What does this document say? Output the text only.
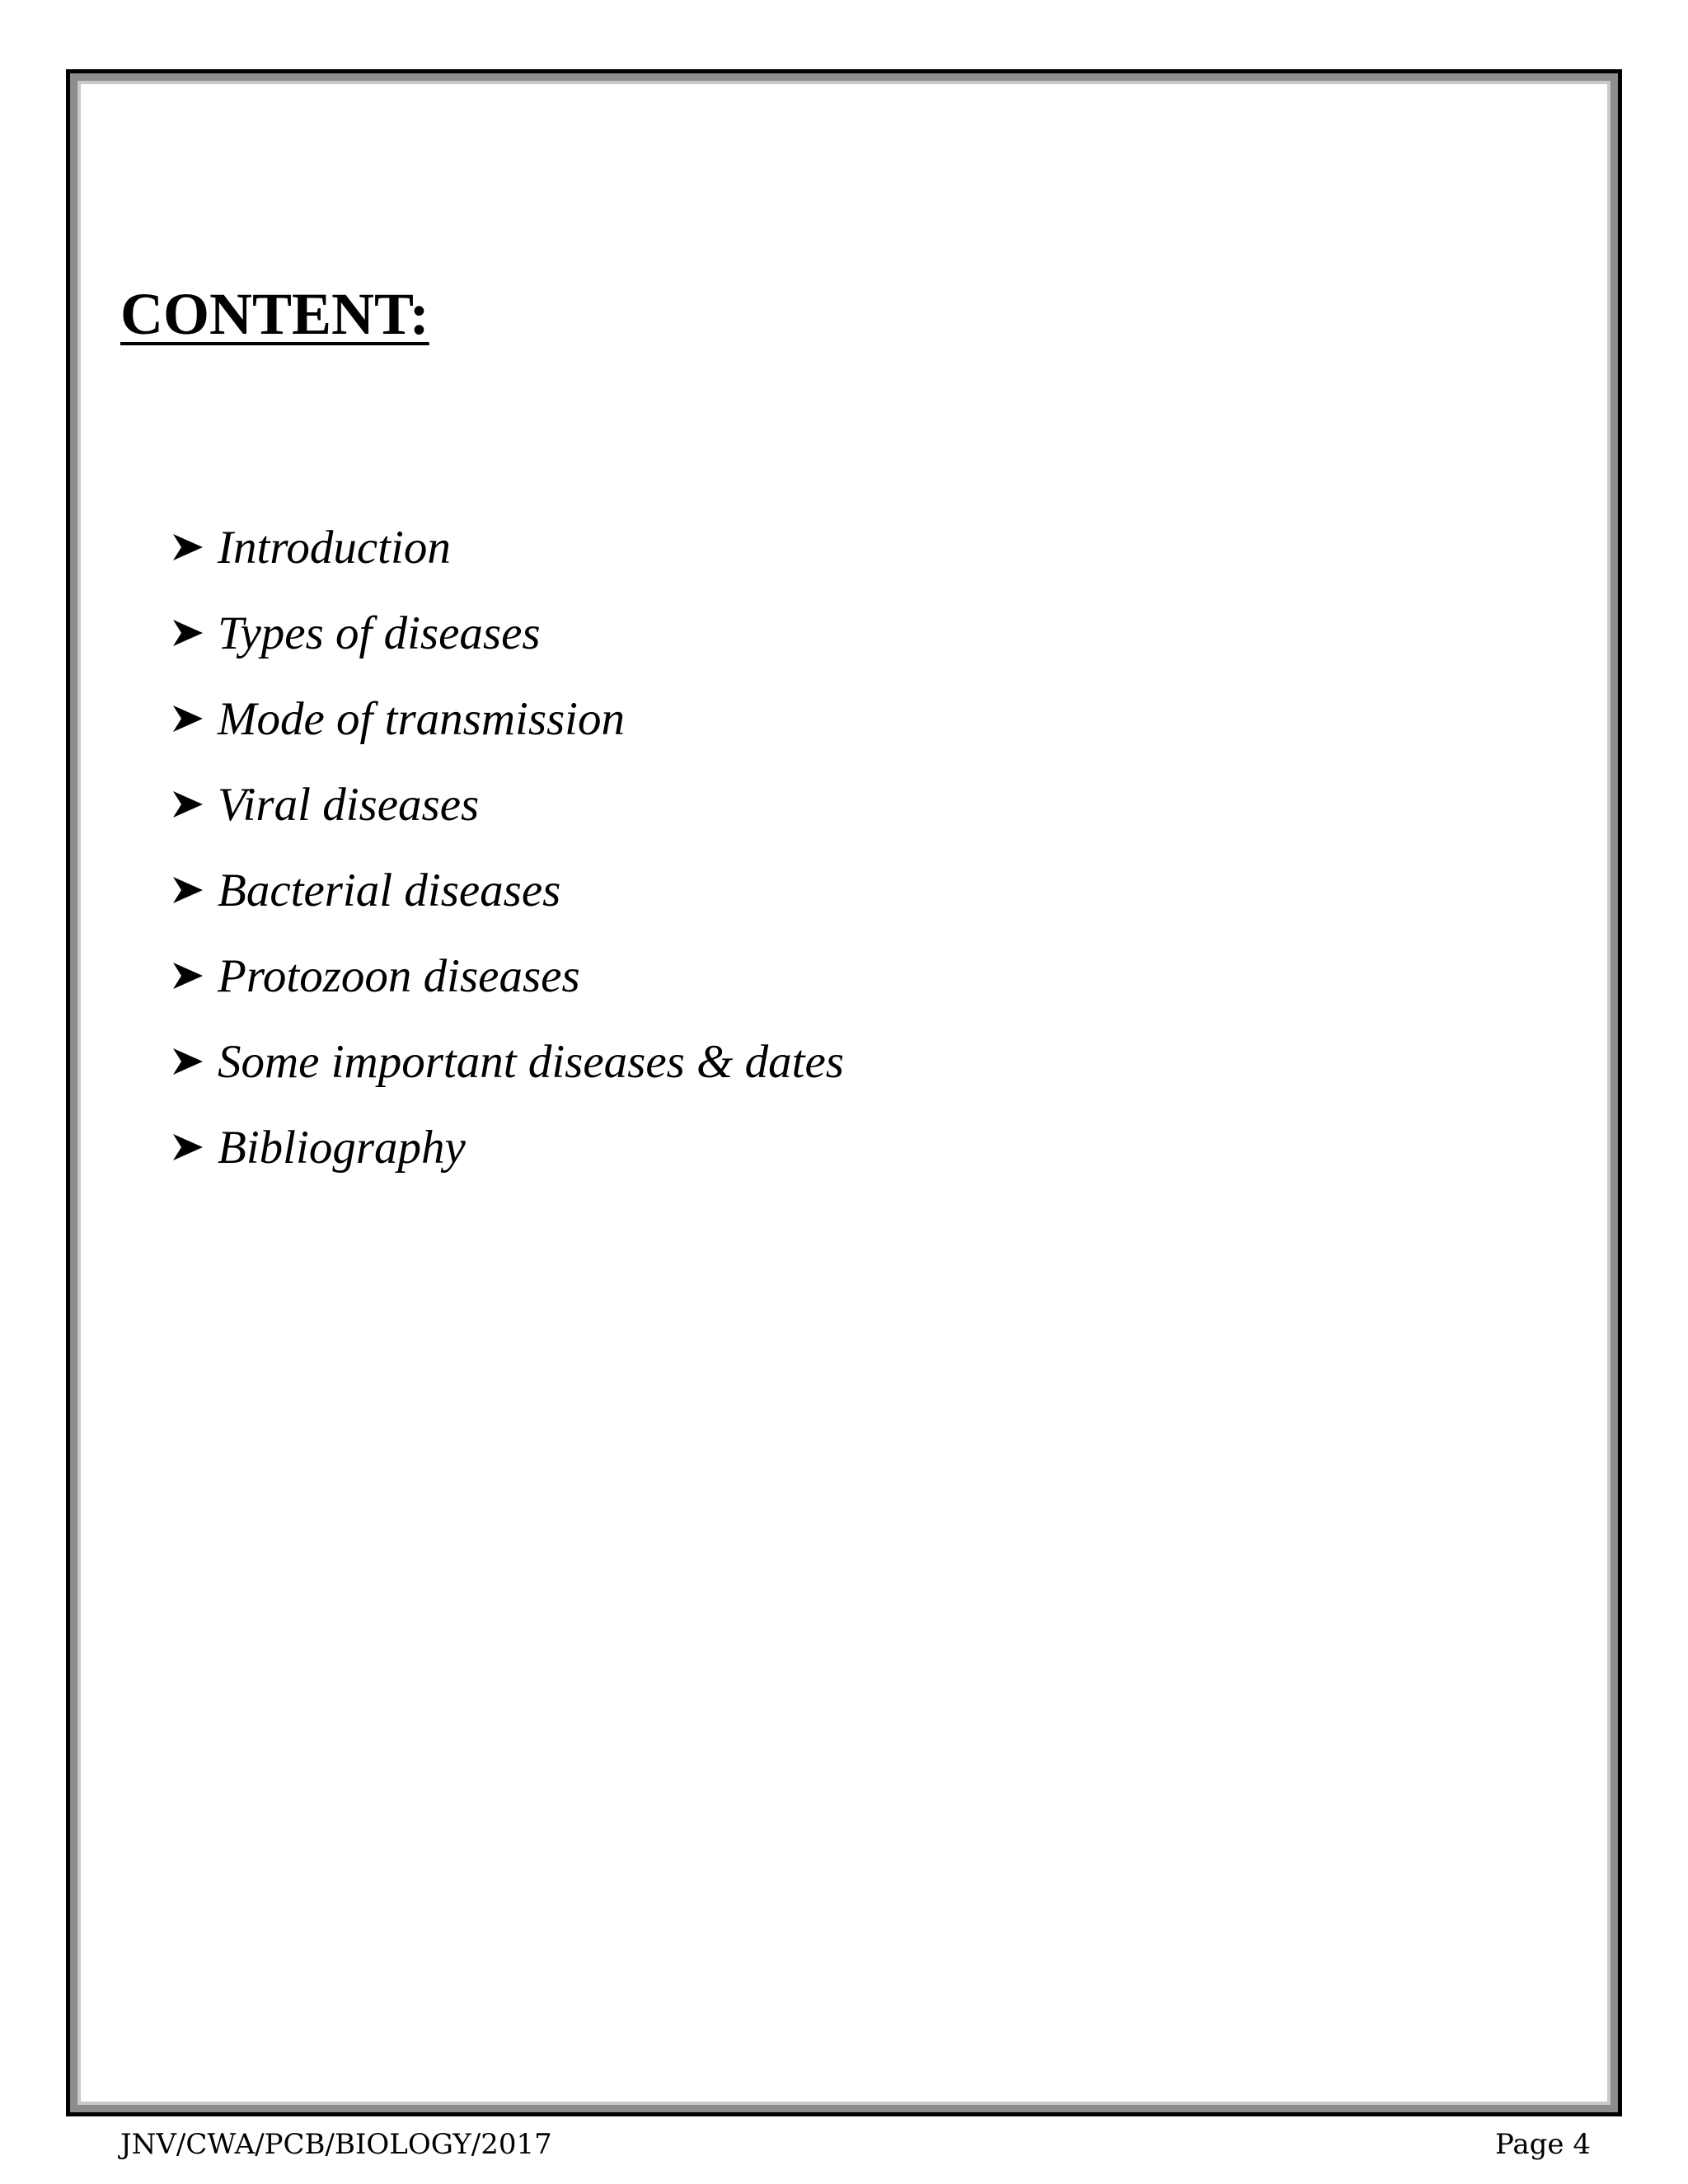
CONTENT:
Introduction
Types of diseases
Mode of transmission
Viral diseases
Bacterial diseases
Protozoon diseases
Some important diseases & dates
Bibliography
JNV/CWA/PCB/BIOLOGY/2017	Page 4
